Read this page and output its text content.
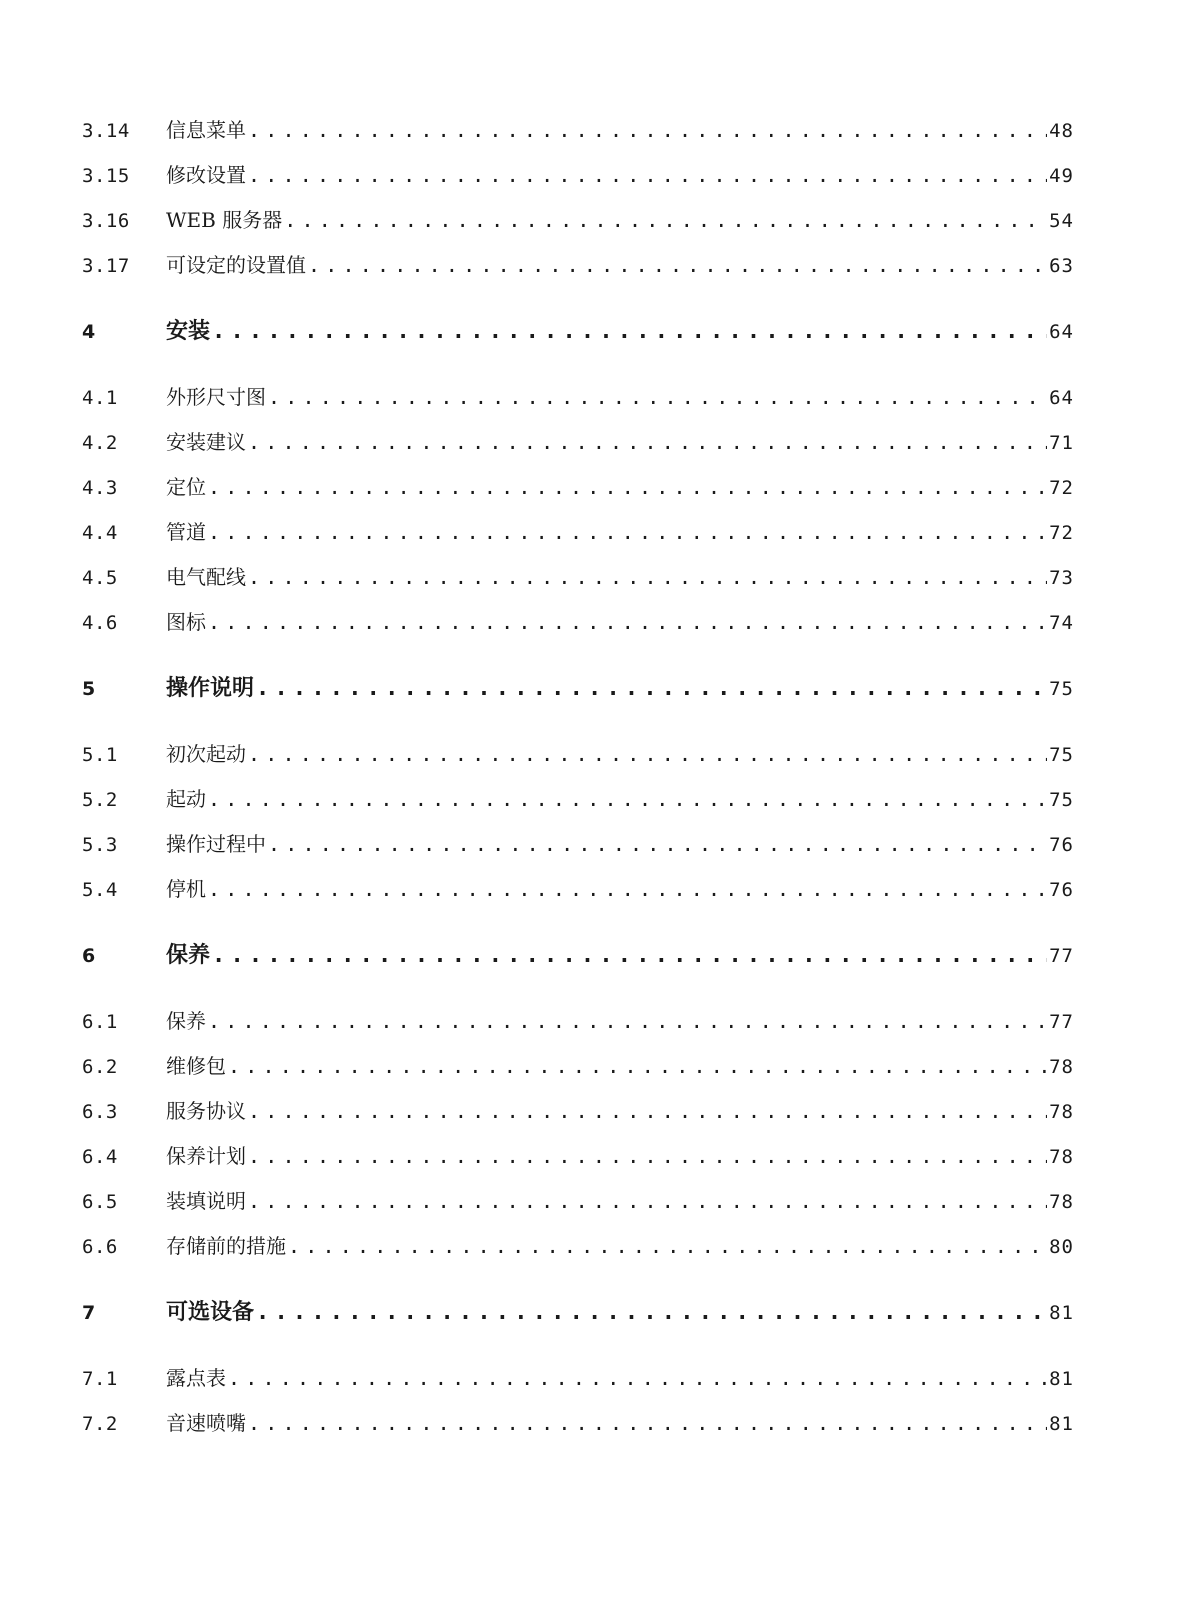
3.14	信息菜单 .....	48
3.15	修改设置 .....	49
3.16	WEB 服务器 .....	54
3.17	可设定的设置值 .....	63
4	安装 .....	64
4.1	外形尺寸图 .....	64
4.2	安装建议 .....	71
4.3	定位 .....	72
4.4	管道 .....	72
4.5	电气配线 .....	73
4.6	图标 .....	74
5	操作说明 .....	75
5.1	初次起动 .....	75
5.2	起动 .....	75
5.3	操作过程中 .....	76
5.4	停机 .....	76
6	保养 .....	77
6.1	保养 .....	77
6.2	维修包 .....	78
6.3	服务协议 .....	78
6.4	保养计划 .....	78
6.5	装填说明 .....	78
6.6	存储前的措施 .....	80
7	可选设备 .....	81
7.1	露点表 .....	81
7.2	音速喷嘴 .....	81
